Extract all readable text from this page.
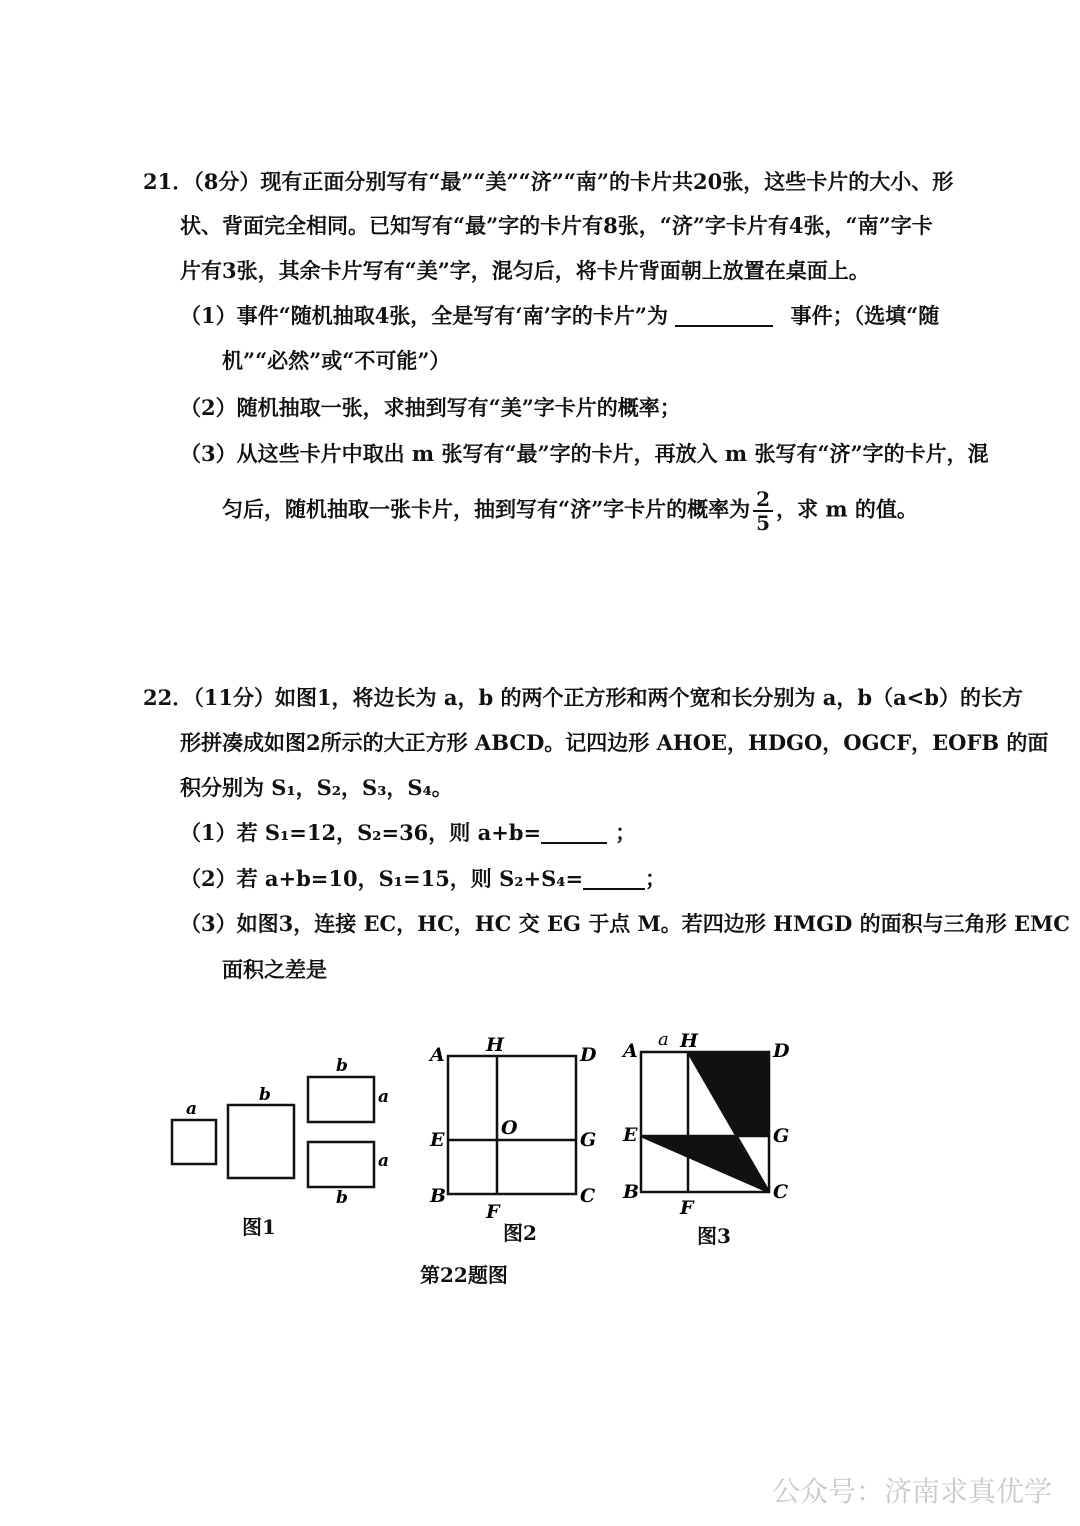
21．（8分）现有正面分别写有“最”“美”“济”“南”的卡片共20张，这些卡片的大小、形
状、背面完全相同。已知写有“最”字的卡片有8张，“济”字卡片有4张，“南”字卡
片有3张，其余卡片写有“美”字，混匀后，将卡片背面朝上放置在桌面上。
（1）事件“随机抽取4张，全是写有‘南’字的卡片”为	事件；（选填“随
机”“必然”或“不可能”）
（2）随机抽取一张，求抽到写有“美”字卡片的概率；
（3）从这些卡片中取出 m 张写有“最”字的卡片，再放入 m 张写有“济”字的卡片，混
匀后，随机抽取一张卡片，抽到写有“济”字卡片的概率为 $\frac{2}{5}$ ，求 m 的值。
22．（11分）如图1，将边长为 a，b 的两个正方形和两个宽和长分别为 a，b（a<b）的长方
形拼凑成如图2所示的大正方形 ABCD。记四边形 AHOE，HDGO，OGCF，EOFB 的面
积分别为 S₁，S₂，S₃，S₄。
（1）若 S₁=12，S₂=36，则 a+b=	；
（2）若 a+b=10，S₁=15，则 S₂+S₄=	；
（3）如图3，连接 EC，HC，HC 交 EG 于点 M。若四边形 HMGD 的面积与三角形 EMC
面积之差是
a
b
b
a
a
b
图1
A H	D
E
O
G
B
F
C
图2
A
a H	D
E	G
B
F
C
图3
第22题图
公众号：济南求真优学
